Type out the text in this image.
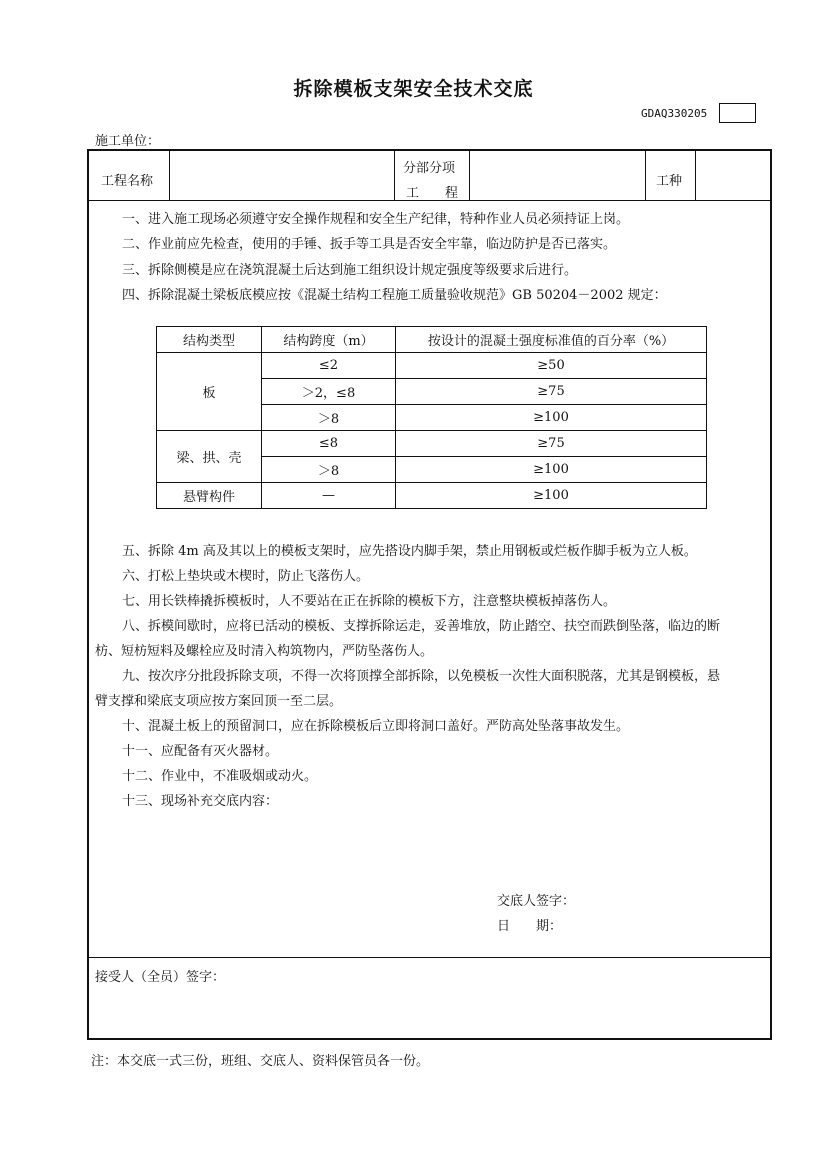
拆除模板支架安全技术交底
GDAQ330205
施工单位：
工程名称
分部分项
工　　程
工种
一、进入施工现场必须遵守安全操作规程和安全生产纪律，特种作业人员必须持证上岗。
二、作业前应先检查，使用的手锤、扳手等工具是否安全牢靠，临边防护是否已落实。
三、拆除侧模是应在浇筑混凝土后达到施工组织设计规定强度等级要求后进行。
四、拆除混凝土梁板底模应按《混凝土结构工程施工质量验收规范》GB 50204－2002 规定：
结构类型	结构跨度（m）	按设计的混凝土强度标准值的百分率（%）
板	≤2	≥50
	＞2，≤8	≥75
	＞8	≥100
梁、拱、壳	≤8	≥75
	＞8	≥100
悬臂构件	—	≥100
五、拆除 4m 高及其以上的模板支架时，应先搭设内脚手架，禁止用钢板或烂板作脚手板为立人板。
六、打松上垫块或木楔时，防止飞落伤人。
七、用长铁棒撬拆模板时，人不要站在正在拆除的模板下方，注意整块模板掉落伤人。
八、拆模间歇时，应将已活动的模板、支撑拆除运走，妥善堆放，防止踏空、扶空而跌倒坠落，临边的断
枋、短枋短料及螺栓应及时清入构筑物内，严防坠落伤人。
九、按次序分批段拆除支项，不得一次将顶撑全部拆除，以免模板一次性大面积脱落，尤其是钢模板，悬
臂支撑和梁底支项应按方案回顶一至二层。
十、混凝土板上的预留洞口，应在拆除模板后立即将洞口盖好。严防高处坠落事故发生。
十一、应配备有灭火器材。
十二、作业中，不准吸烟或动火。
十三、现场补充交底内容：
交底人签字：
日　　期：
接受人（全员）签字：
注：本交底一式三份，班组、交底人、资料保管员各一份。
